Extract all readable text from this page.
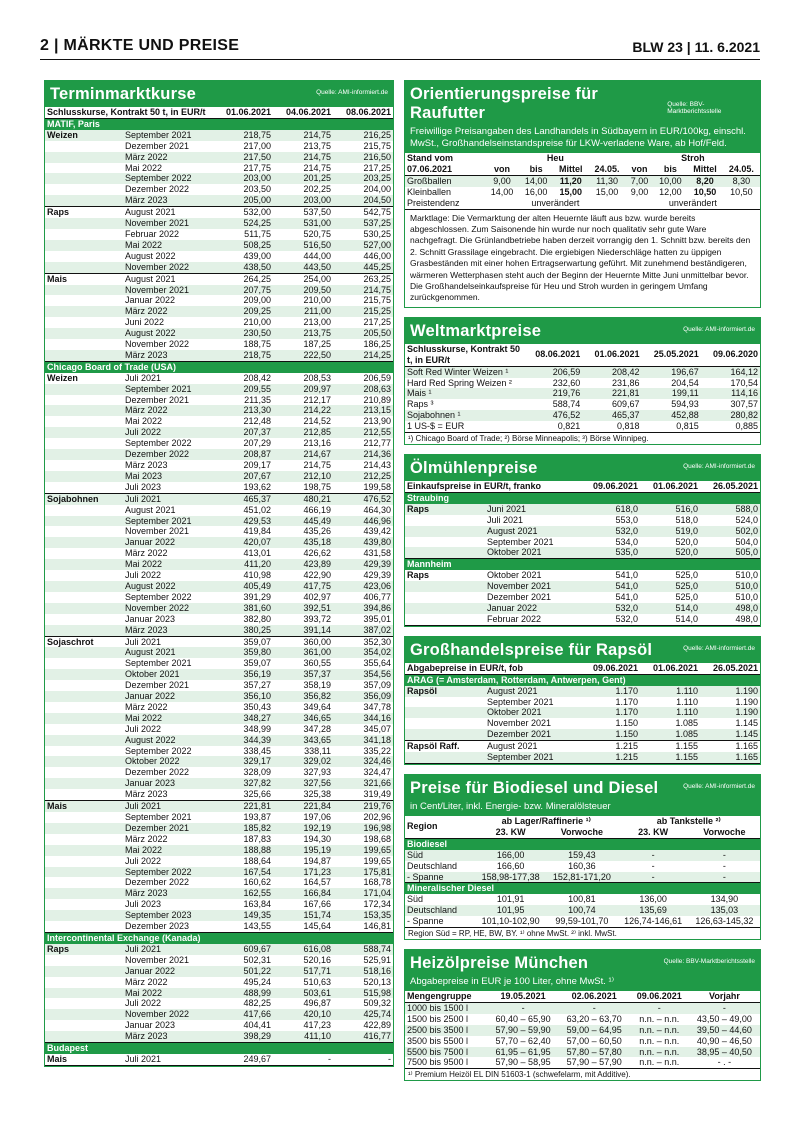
2 | MÄRKTE UND PREISE	BLW 23 | 11. 6.2021
Terminmarktkurse	Quelle: AMI-informiert.de
Schlusskurse, Kontrakt 50 t, in EUR/t		01.06.2021	04.06.2021	08.06.2021
MATIF, Paris				
Weizen	September 2021	218,75	214,75	216,25
	Dezember 2021	217,00	213,75	215,75
	März 2022	217,50	214,75	216,50
	Mai 2022	217,75	214,75	217,25
	September 2022	203,00	201,25	203,25
	Dezember 2022	203,50	202,25	204,00
	März 2023	205,00	203,00	204,50
Raps	August 2021	532,00	537,50	542,75
	November 2021	524,25	531,00	537,25
	Februar 2022	511,75	520,75	530,25
	Mai 2022	508,25	516,50	527,00
	August 2022	439,00	444,00	446,00
	November 2022	438,50	443,50	445,25
Mais	August 2021	264,25	254,00	263,25
	November 2021	207,75	209,50	214,75
	Januar 2022	209,00	210,00	215,75
	März 2022	209,25	211,00	215,25
	Juni 2022	210,00	213,00	217,25
	August 2022	230,50	213,75	205,50
	November 2022	188,75	187,25	186,25
	März 2023	218,75	222,50	214,25
Chicago Board of Trade (USA)				
Weizen	Juli 2021	208,42	208,53	206,59
	September 2021	209,55	209,97	208,63
	Dezember 2021	211,35	212,17	210,89
	März 2022	213,30	214,22	213,15
	Mai 2022	212,48	214,52	213,90
	Juli 2022	207,37	212,85	212,55
	September 2022	207,29	213,16	212,77
	Dezember 2022	208,87	214,67	214,36
	März 2023	209,17	214,75	214,43
	Mai 2023	207,67	212,10	212,25
	Juli 2023	193,62	198,75	199,58
Sojabohnen	Juli 2021	465,37	480,21	476,52
	August 2021	451,02	466,19	464,30
	September 2021	429,53	445,49	446,96
	November 2021	419,84	435,26	439,42
	Januar 2022	420,07	435,18	439,80
	März 2022	413,01	426,62	431,58
	Mai 2022	411,20	423,89	429,39
	Juli 2022	410,98	422,90	429,39
	August 2022	405,49	417,75	423,06
	September 2022	391,29	402,97	406,77
	November 2022	381,60	392,51	394,86
	Januar 2023	382,80	393,72	395,01
	März 2023	380,25	391,14	387,02
Sojaschrot	Juli 2021	359,07	360,00	352,30
	August 2021	359,80	361,00	354,02
	September 2021	359,07	360,55	355,64
	Oktober 2021	356,19	357,37	354,56
	Dezember 2021	357,27	358,19	357,09
	Januar 2022	356,10	356,82	356,09
	März 2022	350,43	349,64	347,78
	Mai 2022	348,27	346,65	344,16
	Juli 2022	348,99	347,28	345,07
	August 2022	344,39	343,65	341,18
	September 2022	338,45	338,11	335,22
	Oktober 2022	329,17	329,02	324,46
	Dezember 2022	328,09	327,93	324,47
	Januar 2023	327,82	327,56	321,66
	März 2023	325,66	325,38	319,49
Mais	Juli 2021	221,81	221,84	219,76
	September 2021	193,87	197,06	202,96
	Dezember 2021	185,82	192,19	196,98
	März 2022	187,83	194,30	198,68
	Mai 2022	188,88	195,19	199,65
	Juli 2022	188,64	194,87	199,65
	September 2022	167,54	171,23	175,81
	Dezember 2022	160,62	164,57	168,78
	März 2023	162,55	166,84	171,04
	Juli 2023	163,84	167,66	172,34
	September 2023	149,35	151,74	153,35
	Dezember 2023	143,55	145,64	146,81
Intercontinental Exchange (Kanada)				
Raps	Juli 2021	609,67	616,08	588,74
	November 2021	502,31	520,16	525,91
	Januar 2022	501,22	517,71	518,16
	März 2022	495,24	510,63	520,13
	Mai 2022	488,99	503,61	515,98
	Juli 2022	482,25	496,87	509,32
	November 2022	417,66	420,10	425,74
	Januar 2023	404,41	417,23	422,89
	März 2023	398,29	411,10	416,77
Budapest				
Mais	Juli 2021	249,67	-	-
Orientierungspreise für Raufutter	Quelle: BBV-Marktberichtsstelle
Freiwillige Preisangaben des Landhandels in Südbayern in EUR/100kg, einschl. MwSt., Großhandelseinstandspreise für LKW-verladene Ware, ab Hof/Feld.
Stand vom 07.06.2021	Heu				Stroh			
	von	bis	Mittel	24.05.	von	bis	Mittel	24.05.
Großballen	9,00	14,00	11,20	11,30	7,00	10,00	8,20	8,30
Kleinballen	14,00	16,00	15,00	15,00	9,00	12,00	10,50	10,50
Preistendenz	unverändert				unverändert			
Marktlage: Die Vermarktung der alten Heuernte läuft aus bzw. wurde bereits abgeschlossen. Zum Saisonende hin wurde nur noch qualitativ sehr gute Ware nachgefragt. Die Grünlandbetriebe haben derzeit vorrangig den 1. Schnitt bzw. bereits den 2. Schnitt Grassilage eingebracht. Die ergiebigen Niederschläge hatten zu üppigen Grasbeständen mit einer hohen Ertragserwartung geführt. Mit zunehmend beständigeren, wärmeren Wetterphasen steht auch der Beginn der Heuernte Mitte Juni unmittelbar bevor. Die Großhandelseinkaufspreise für Heu und Stroh wurden in geringem Umfang zurückgenommen.
Weltmarktpreise	Quelle: AMI-informiert.de
Schlusskurse, Kontrakt 50 t, in EUR/t	08.06.2021	01.06.2021	25.05.2021	09.06.2020
Soft Red Winter Weizen ¹	206,59	208,42	196,67	164,12
Hard Red Spring Weizen ²	232,60	231,86	204,54	170,54
Mais ¹	219,76	221,81	199,11	114,16
Raps ³	588,74	609,67	594,93	307,57
Sojabohnen ¹	476,52	465,37	452,88	280,82
1 US-$ = EUR	0,821	0,818	0,815	0,885
¹) Chicago Board of Trade; ²) Börse Minneapolis; ³) Börse Winnipeg.
Ölmühlenpreise	Quelle: AMI-informiert.de
Einkaufspreise in EUR/t, franko		09.06.2021	01.06.2021	26.05.2021
Straubing				
Raps	Juni 2021	618,0	516,0	588,0
	Juli 2021	553,0	518,0	524,0
	August 2021	532,0	519,0	502,0
	September 2021	534,0	520,0	504,0
	Oktober 2021	535,0	520,0	505,0
Mannheim				
Raps	Oktober 2021	541,0	525,0	510,0
	November 2021	541,0	525,0	510,0
	Dezember 2021	541,0	525,0	510,0
	Januar 2022	532,0	514,0	498,0
	Februar 2022	532,0	514,0	498,0
Großhandelspreise für Rapsöl	Quelle: AMI-informiert.de
Abgabepreise in EUR/t, fob		09.06.2021	01.06.2021	26.05.2021
ARAG (= Amsterdam, Rotterdam, Antwerpen, Gent)				
Rapsöl	August 2021	1.170	1.110	1.190
	September 2021	1.170	1.110	1.190
	Oktober 2021	1.170	1.110	1.190
	November 2021	1.150	1.085	1.145
	Dezember 2021	1.150	1.085	1.145
Rapsöl Raff.	August 2021	1.215	1.155	1.165
	September 2021	1.215	1.155	1.165
Preise für Biodiesel und Diesel	Quelle: AMI-informiert.de
in Cent/Liter, inkl. Energie- bzw. Mineralölsteuer
Region	ab Lager/Raffinerie ¹⁾		ab Tankstelle ²⁾	
	23. KW	Vorwoche	23. KW	Vorwoche
Biodiesel				
Süd	166,00	159,43	-	-
Deutschland	166,60	160,36	-	-
- Spanne	158,98-177,38	152,81-171,20	-	-
Mineralischer Diesel				
Süd	101,91	100,81	136,00	134,90
Deutschland	101,95	100,74	135,69	135,03
- Spanne	101,10-102,90	99,59-101,70	126,74-146,61	126,63-145,32
Region Süd = RP, HE, BW, BY. ¹⁾ ohne MwSt. ²⁾ inkl. MwSt.
Heizölpreise München	Quelle: BBV-Marktberichtsstelle
Abgabepreise in EUR je 100 Liter, ohne MwSt. ¹⁾
Mengengruppe	19.05.2021	02.06.2021	09.06.2021	Vorjahr
1000 bis 1500 l	-	-	-	-
1500 bis 2500 l	60,40 – 65,90	63,20 – 63,70	n.n. – n.n.	43,50 – 49,00
2500 bis 3500 l	57,90 – 59,90	59,00 – 64,95	n.n. – n.n.	39,50 – 44,60
3500 bis 5500 l	57,70 – 62,40	57,00 – 60,50	n.n. – n.n.	40,90 – 46,50
5500 bis 7500 l	61,95 – 61,95	57,80 – 57,80	n.n. – n.n.	38,95 – 40,50
7500 bis 9500 l	57,90 – 58,95	57,90 – 57,90	n.n. – n.n.	- . -
¹⁾ Premium Heizöl EL DIN 51603-1 (schwefelarm, mit Additive).
